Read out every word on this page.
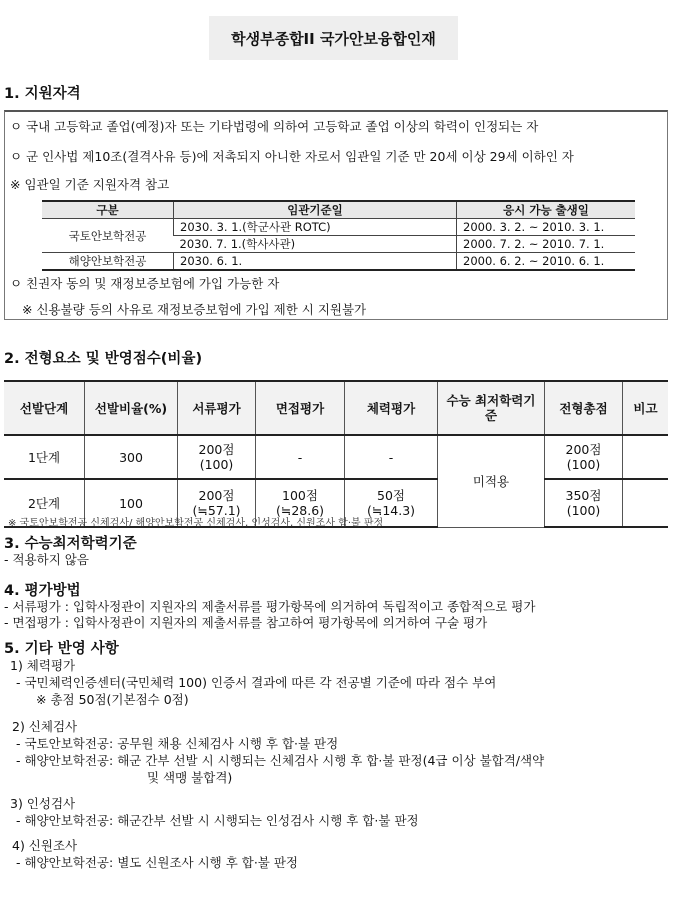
학생부종합II 국가안보융합인재
1. 지원자격
ㅇ 국내 고등학교 졸업(예정)자 또는 기타법령에 의하여 고등학교 졸업 이상의 학력이 인정되는 자
ㅇ 군 인사법 제10조(결격사유 등)에 저촉되지 아니한 자로서 임관일 기준 만 20세 이상 29세 이하인 자
※ 임관일 기준 지원자격 참고
구분	임관기준일	응시 가능 출생일
국토안보학전공	2030. 3. 1.(학군사관 ROTC)	2000. 3. 2. ~ 2010. 3. 1.
	2030. 7. 1.(학사사관)	2000. 7. 2. ~ 2010. 7. 1.
해양안보학전공	2030. 6. 1.	2000. 6. 2. ~ 2010. 6. 1.
ㅇ 친권자 동의 및 재정보증보험에 가입 가능한 자
※ 신용불량 등의 사유로 재정보증보험에 가입 제한 시 지원불가
2. 전형요소 및 반영점수(비율)
선발단계	선발비율(%)	서류평가	면접평가	체력평가	수능 최저학력기준	전형총점	비고
1단계	300	200점 (100)	-	-	미적용	200점 (100)	
2단계	100	200점 (≒57.1)	100점 (≒28.6)	50점 (≒14.3)		350점 (100)	
※ 국토안보학전공 신체검사/ 해양안보학전공 신체검사, 인성검사, 신원조사 합·불 판정
3. 수능최저학력기준
- 적용하지 않음
4. 평가방법
- 서류평가 : 입학사정관이 지원자의 제출서류를 평가항목에 의거하여 독립적이고 종합적으로 평가
- 면접평가 : 입학사정관이 지원자의 제출서류를 참고하여 평가항목에 의거하여 구술 평가
5. 기타 반영 사항
1) 체력평가
- 국민체력인증센터(국민체력 100) 인증서 결과에 따른 각 전공별 기준에 따라 점수 부여
※ 총점 50점(기본점수 0점)
2) 신체검사
- 국토안보학전공: 공무원 채용 신체검사 시행 후 합·불 판정
- 해양안보학전공: 해군 간부 선발 시 시행되는 신체검사 시행 후 합·불 판정(4급 이상 불합격/색약
및 색맹 불합격)
3) 인성검사
- 해양안보학전공: 해군간부 선발 시 시행되는 인성검사 시행 후 합·불 판정
4) 신원조사
- 해양안보학전공: 별도 신원조사 시행 후 합·불 판정
